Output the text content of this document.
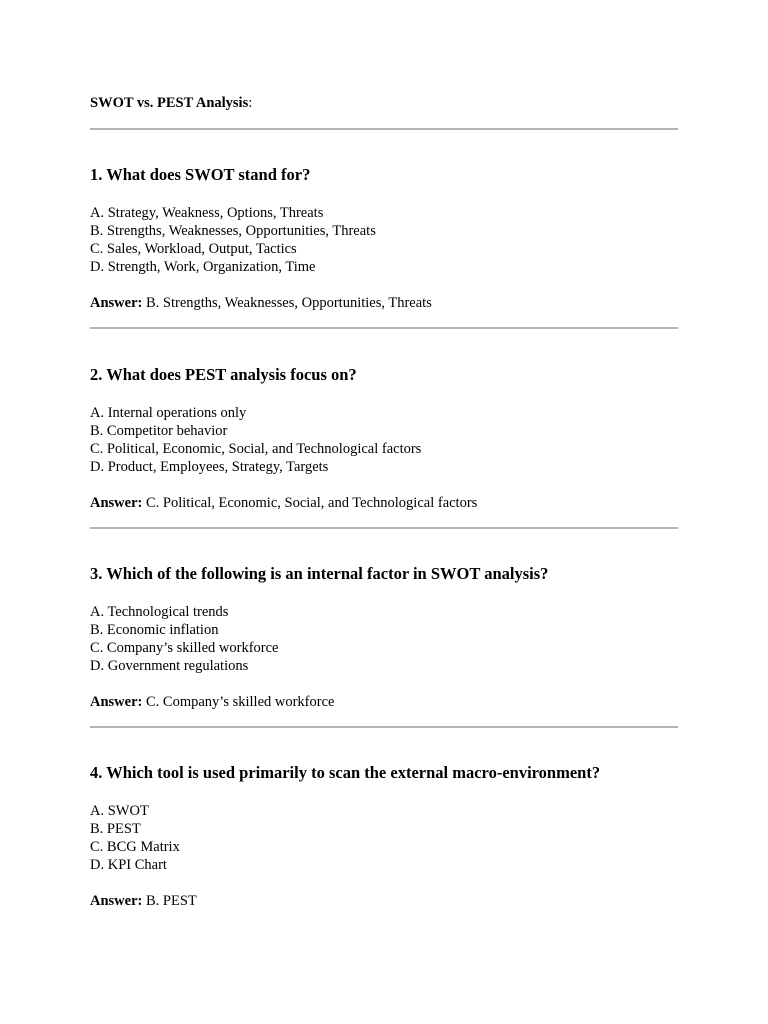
SWOT vs. PEST Analysis:
1. What does SWOT stand for?
A. Strategy, Weakness, Options, Threats
B. Strengths, Weaknesses, Opportunities, Threats
C. Sales, Workload, Output, Tactics
D. Strength, Work, Organization, Time
Answer: B. Strengths, Weaknesses, Opportunities, Threats
2. What does PEST analysis focus on?
A. Internal operations only
B. Competitor behavior
C. Political, Economic, Social, and Technological factors
D. Product, Employees, Strategy, Targets
Answer: C. Political, Economic, Social, and Technological factors
3. Which of the following is an internal factor in SWOT analysis?
A. Technological trends
B. Economic inflation
C. Company’s skilled workforce
D. Government regulations
Answer: C. Company’s skilled workforce
4. Which tool is used primarily to scan the external macro-environment?
A. SWOT
B. PEST
C. BCG Matrix
D. KPI Chart
Answer: B. PEST
